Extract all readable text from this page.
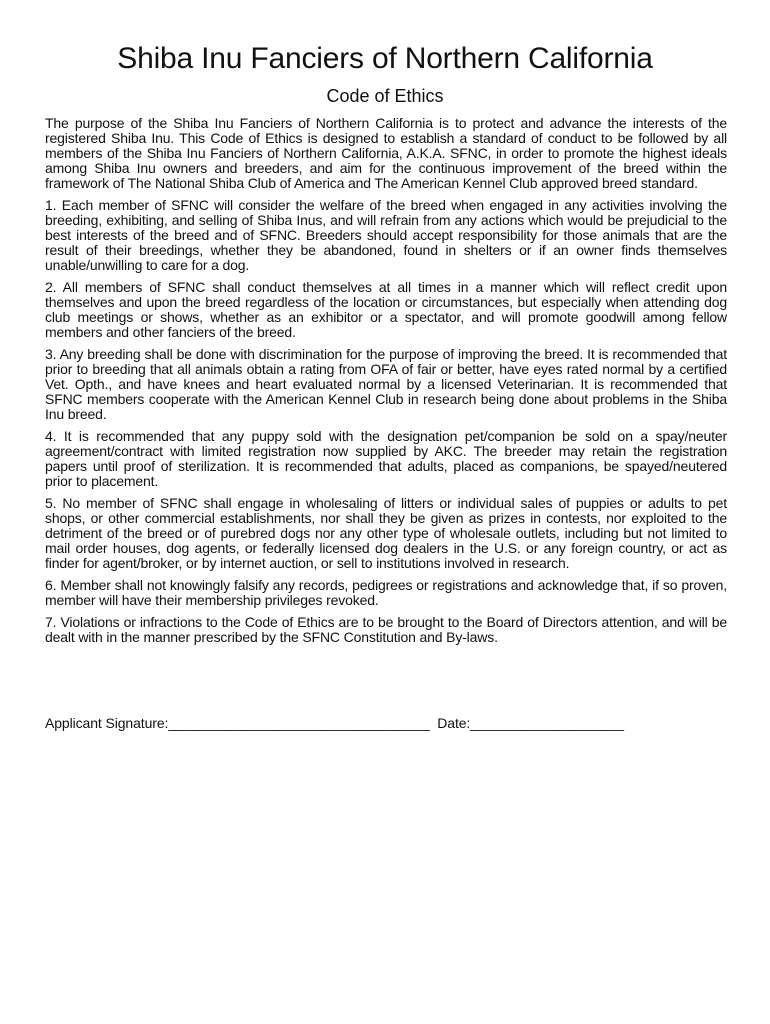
Shiba Inu Fanciers of Northern California
Code of Ethics

The purpose of the Shiba Inu Fanciers of Northern California is to protect and advance the interests of the registered Shiba Inu. This Code of Ethics is designed to establish a standard of conduct to be followed by all members of the Shiba Inu Fanciers of Northern California, A.K.A. SFNC, in order to promote the highest ideals among Shiba Inu owners and breeders, and aim for the continuous improvement of the breed within the framework of The National Shiba Club of America and The American Kennel Club approved breed standard.

1. Each member of SFNC will consider the welfare of the breed when engaged in any activities involving the breeding, exhibiting, and selling of Shiba Inus, and will refrain from any actions which would be prejudicial to the best interests of the breed and of SFNC. Breeders should accept responsibility for those animals that are the result of their breedings, whether they be abandoned, found in shelters or if an owner finds themselves unable/unwilling to care for a dog.

2. All members of SFNC shall conduct themselves at all times in a manner which will reflect credit upon themselves and upon the breed regardless of the location or circumstances, but especially when attending dog club meetings or shows, whether as an exhibitor or a spectator, and will promote goodwill among fellow members and other fanciers of the breed.

3. Any breeding shall be done with discrimination for the purpose of improving the breed. It is recommended that prior to breeding that all animals obtain a rating from OFA of fair or better, have eyes rated normal by a certified Vet. Opth., and have knees and heart evaluated normal by a licensed Veterinarian. It is recommended that SFNC members cooperate with the American Kennel Club in research being done about problems in the Shiba Inu breed.

4. It is recommended that any puppy sold with the designation pet/companion be sold on a spay/neuter agreement/contract with limited registration now supplied by AKC. The breeder may retain the registration papers until proof of sterilization. It is recommended that adults, placed as companions, be spayed/neutered prior to placement.

5. No member of SFNC shall engage in wholesaling of litters or individual sales of puppies or adults to pet shops, or other commercial establishments, nor shall they be given as prizes in contests, nor exploited to the detriment of the breed or of purebred dogs nor any other type of wholesale outlets, including but not limited to mail order houses, dog agents, or federally licensed dog dealers in the U.S. or any foreign country, or act as finder for agent/broker, or by internet auction, or sell to institutions involved in research.

6. Member shall not knowingly falsify any records, pedigrees or registrations and acknowledge that, if so proven, member will have their membership privileges revoked.

7. Violations or infractions to the Code of Ethics are to be brought to the Board of Directors attention, and will be dealt with in the manner prescribed by the SFNC Constitution and By-laws.

Applicant Signature:__________________________________ Date:____________________
